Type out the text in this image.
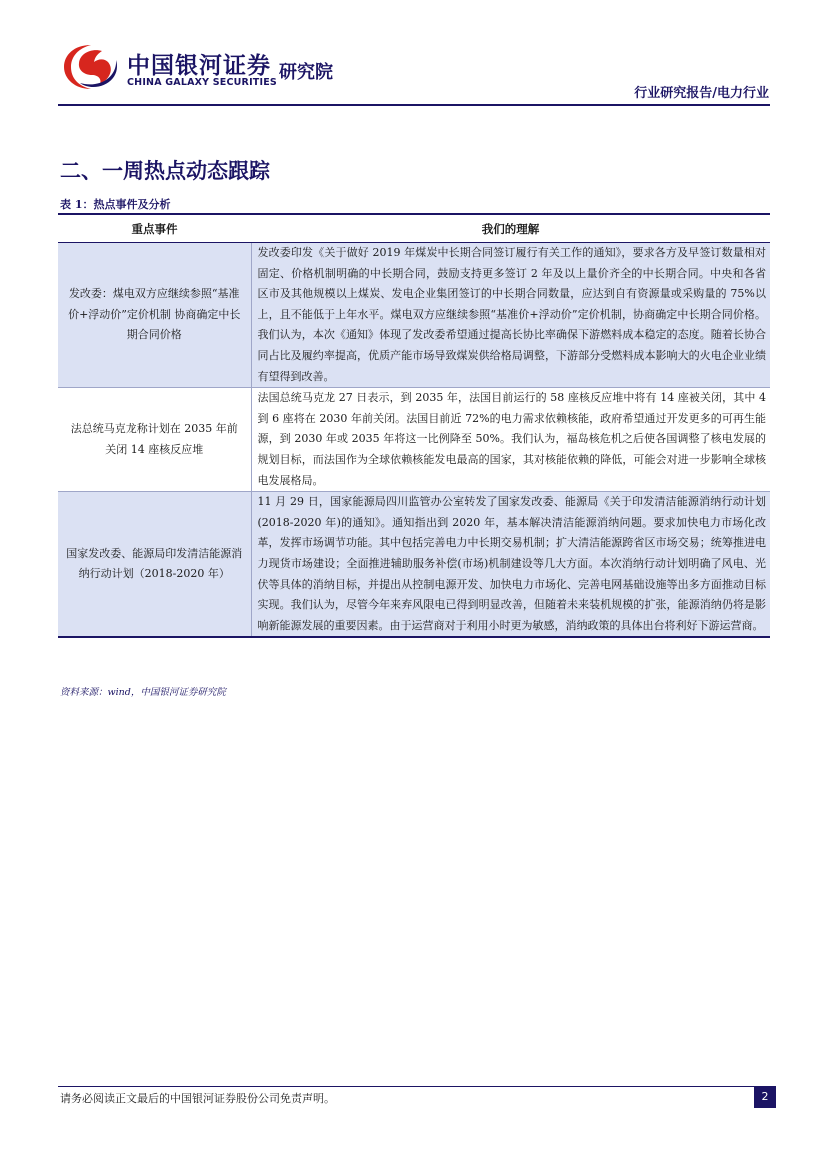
中国银河证券
CHINA GALAXY SECURITIES 研究院
行业研究报告/电力行业
二、一周热点动态跟踪
表 1：热点事件及分析
重点事件	我们的理解
发改委：煤电双方应继续参照“基准价+浮动价”定价机制 协商确定中长期合同价格	发改委印发《关于做好 2019 年煤炭中长期合同签订履行有关工作的通知》，要求各方及早签订数量相对固定、价格机制明确的中长期合同，鼓励支持更多签订 2 年及以上量价齐全的中长期合同。中央和各省区市及其他规模以上煤炭、发电企业集团签订的中长期合同数量，应达到自有资源量或采购量的 75%以上，且不能低于上年水平。煤电双方应继续参照“基准价+浮动价”定价机制，协商确定中长期合同价格。我们认为，本次《通知》体现了发改委希望通过提高长协比率确保下游燃料成本稳定的态度。随着长协合同占比及履约率提高，优质产能市场导致煤炭供给格局调整，下游部分受燃料成本影响大的火电企业业绩有望得到改善。
法总统马克龙称计划在 2035 年前关闭 14 座核反应堆	法国总统马克龙 27 日表示，到 2035 年，法国目前运行的 58 座核反应堆中将有 14 座被关闭，其中 4 到 6 座将在 2030 年前关闭。法国目前近 72%的电力需求依赖核能，政府希望通过开发更多的可再生能源，到 2030 年或 2035 年将这一比例降至 50%。我们认为，福岛核危机之后使各国调整了核电发展的规划目标，而法国作为全球依赖核能发电最高的国家，其对核能依赖的降低，可能会对进一步影响全球核电发展格局。
国家发改委、能源局印发清洁能源消纳行动计划（2018-2020 年）	11 月 29 日，国家能源局四川监管办公室转发了国家发改委、能源局《关于印发清洁能源消纳行动计划(2018-2020 年)的通知》。通知指出到 2020 年，基本解决清洁能源消纳问题。要求加快电力市场化改革，发挥市场调节功能。其中包括完善电力中长期交易机制；扩大清洁能源跨省区市场交易；统筹推进电力现货市场建设；全面推进辅助服务补偿(市场)机制建设等几大方面。本次消纳行动计划明确了风电、光伏等具体的消纳目标，并提出从控制电源开发、加快电力市场化、完善电网基础设施等出多方面推动目标实现。我们认为，尽管今年来弃风限电已得到明显改善，但随着未来装机规模的扩张，能源消纳仍将是影响新能源发展的重要因素。由于运营商对于利用小时更为敏感，消纳政策的具体出台将利好下游运营商。
资料来源：wind，中国银河证券研究院
请务必阅读正文最后的中国银河证券股份公司免责声明。	2
